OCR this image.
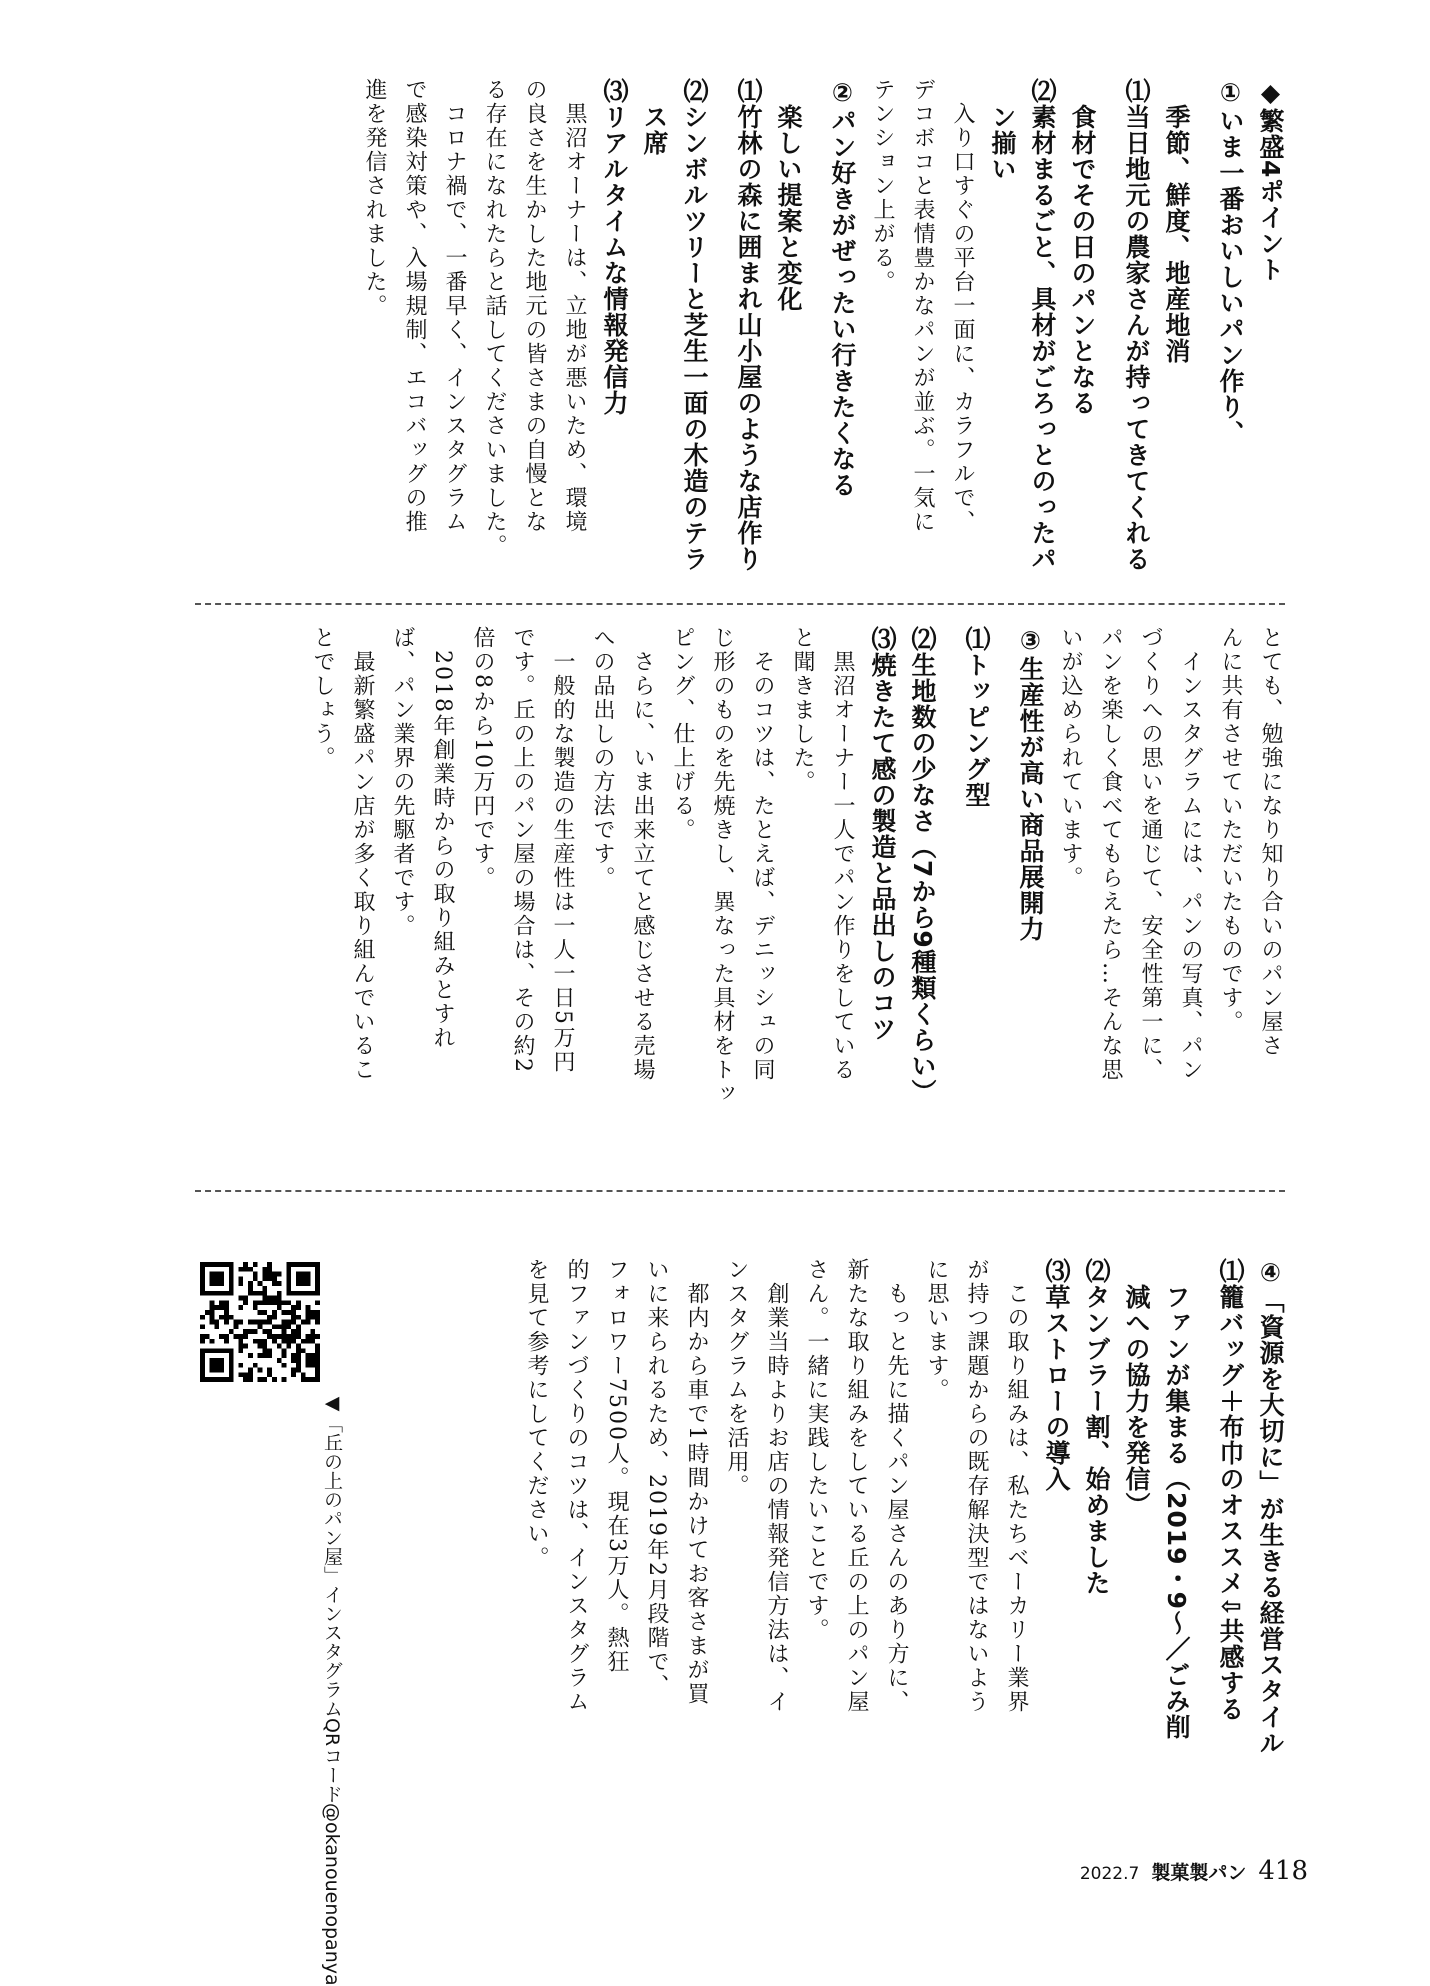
◆繁盛4ポイント
①いま一番おいしいパン作り、
　季節、鮮度、地産地消
⑴当日地元の農家さんが持ってきてくれる
　食材でその日のパンとなる
⑵素材まるごと、具材がごろっとのったパ
　ン揃い
　入り口すぐの平台一面に、カラフルで、
デコボコと表情豊かなパンが並ぶ。一気に
テンション上がる。
②パン好きがぜったい行きたくなる
　楽しい提案と変化
⑴竹林の森に囲まれ山小屋のような店作り
⑵シンボルツリーと芝生一面の木造のテラ
　ス席
⑶リアルタイムな情報発信力
　黒沼オーナーは、立地が悪いため、環境
の良さを生かした地元の皆さまの自慢とな
る存在になれたらと話してくださいました。
　コロナ禍で、一番早く、インスタグラム
で感染対策や、入場規制、エコバッグの推
進を発信されました。
とても、勉強になり知り合いのパン屋さ
んに共有させていただいたものです。
　インスタグラムには、パンの写真、パン
づくりへの思いを通じて、安全性第一に、
パンを楽しく食べてもらえたら…そんな思
いが込められています。
③生産性が高い商品展開力
⑴トッピング型
⑵生地数の少なさ（7から9種類くらい）
⑶焼きたて感の製造と品出しのコツ
　黒沼オーナー一人でパン作りをしている
と聞きました。
　そのコツは、たとえば、デニッシュの同
じ形のものを先焼きし、異なった具材をトッ
ピング、仕上げる。
　さらに、いま出来立てと感じさせる売場
への品出しの方法です。
　一般的な製造の生産性は一人一日5万円
です。丘の上のパン屋の場合は、その約2
倍の8から10万円です。
　2018年創業時からの取り組みとすれ
ば、パン業界の先駆者です。
　最新繁盛パン店が多く取り組んでいるこ
とでしょう。
④「資源を大切に」が生きる経営スタイル
⑴籠バッグ＋布巾のオススメ⇩共感する
　ファンが集まる（2019・9〜／ごみ削
　減への協力を発信）
⑵タンブラー割、始めました
⑶草ストローの導入
　この取り組みは、私たちベーカリー業界
が持つ課題からの既存解決型ではないよう
に思います。
　もっと先に描くパン屋さんのあり方に、
新たな取り組みをしている丘の上のパン屋
さん。一緒に実践したいことです。
　創業当時よりお店の情報発信方法は、イ
ンスタグラムを活用。
　都内から車で1時間かけてお客さまが買
いに来られるため、2019年2月段階で、
フォロワー7500人。現在3万人。熱狂
的ファンづくりのコツは、インスタグラム
を見て参考にしてください。
◀「丘の上のパン屋」インスタグラムQRコード
@okanouenopanya	2022.7 製菓製パン 418
